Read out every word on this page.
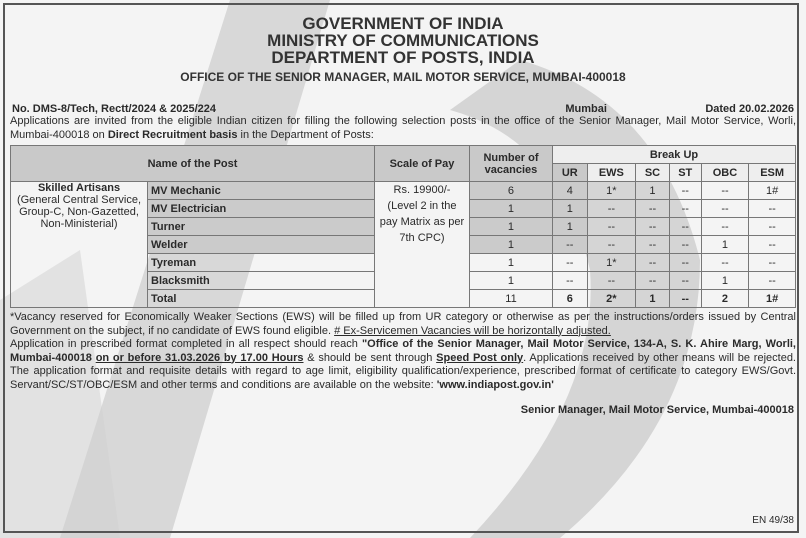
GOVERNMENT OF INDIA
MINISTRY OF COMMUNICATIONS
DEPARTMENT OF POSTS, INDIA
OFFICE OF THE SENIOR MANAGER, MAIL MOTOR SERVICE, MUMBAI-400018
No. DMS-8/Tech, Rectt/2024 & 2025/224	Mumbai	Dated 20.02.2026
Applications are invited from the eligible Indian citizen for filling the following selection posts in the office of the Senior Manager, Mail Motor Service, Worli, Mumbai-400018 on Direct Recruitment basis in the Department of Posts:
Name of the Post		Scale of Pay	Number of vacancies	Break Up					
				UR	EWS	SC	ST	OBC	ESM
Skilled Artisans
(General Central Service, Group-C, Non-Gazetted, Non-Ministerial)	MV Mechanic	Rs. 19900/- (Level 2 in the pay Matrix as per 7th CPC)	6	4	1*	1	--	--	1#
	MV Electrician		1	1	--	--	--	--	--
	Turner		1	1	--	--	--	--	--
	Welder		1	--	--	--	--	1	--
	Tyreman		1	--	1*	--	--	--	--
	Blacksmith		1	--	--	--	--	1	--
	Total		11	6	2*	1	--	2	1#
*Vacancy reserved for Economically Weaker Sections (EWS) will be filled up from UR category or otherwise as per the instructions/orders issued by Central Government on the subject, if no candidate of EWS found eligible. # Ex-Servicemen Vacancies will be horizontally adjusted.
Application in prescribed format completed in all respect should reach "Office of the Senior Manager, Mail Motor Service, 134-A, S. K. Ahire Marg, Worli, Mumbai-400018 on or before 31.03.2026 by 17.00 Hours & should be sent through Speed Post only. Applications received by other means will be rejected. The application format and requisite details with regard to age limit, eligibility qualification/experience, prescribed format of certificate to category EWS/Govt. Servant/SC/ST/OBC/ESM and other terms and conditions are available on the website: 'www.indiapost.gov.in'
Senior Manager, Mail Motor Service, Mumbai-400018
EN 49/38
